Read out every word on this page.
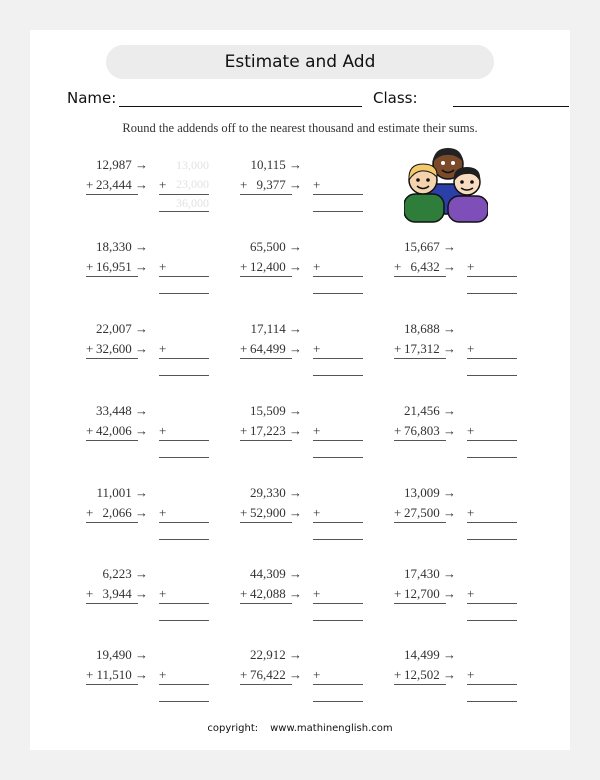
Estimate and Add
Name:	Class:
Round the addends off to the nearest thousand and estimate their sums.
12,987 →
+ 23,444 → +
13,000
23,000
36,000
10,115 →
+ 9,377 → +
18,330 →
+ 16,951 → +
65,500 →
+ 12,400 → +
15,667 →
+ 6,432 → +
22,007 →
+ 32,600 → +
17,114 →
+ 64,499 → +
18,688 →
+ 17,312 → +
33,448 →
+ 42,006 → +
15,509 →
+ 17,223 → +
21,456 →
+ 76,803 → +
11,001 →
+ 2,066 → +
29,330 →
+ 52,900 → +
13,009 →
+ 27,500 → +
6,223 →
+ 3,944 → +
44,309 →
+ 42,088 → +
17,430 →
+ 12,700 → +
19,490 →
+ 11,510 → +
22,912 →
+ 76,422 → +
14,499 →
+ 12,502 → +
copyright: www.mathinenglish.com
